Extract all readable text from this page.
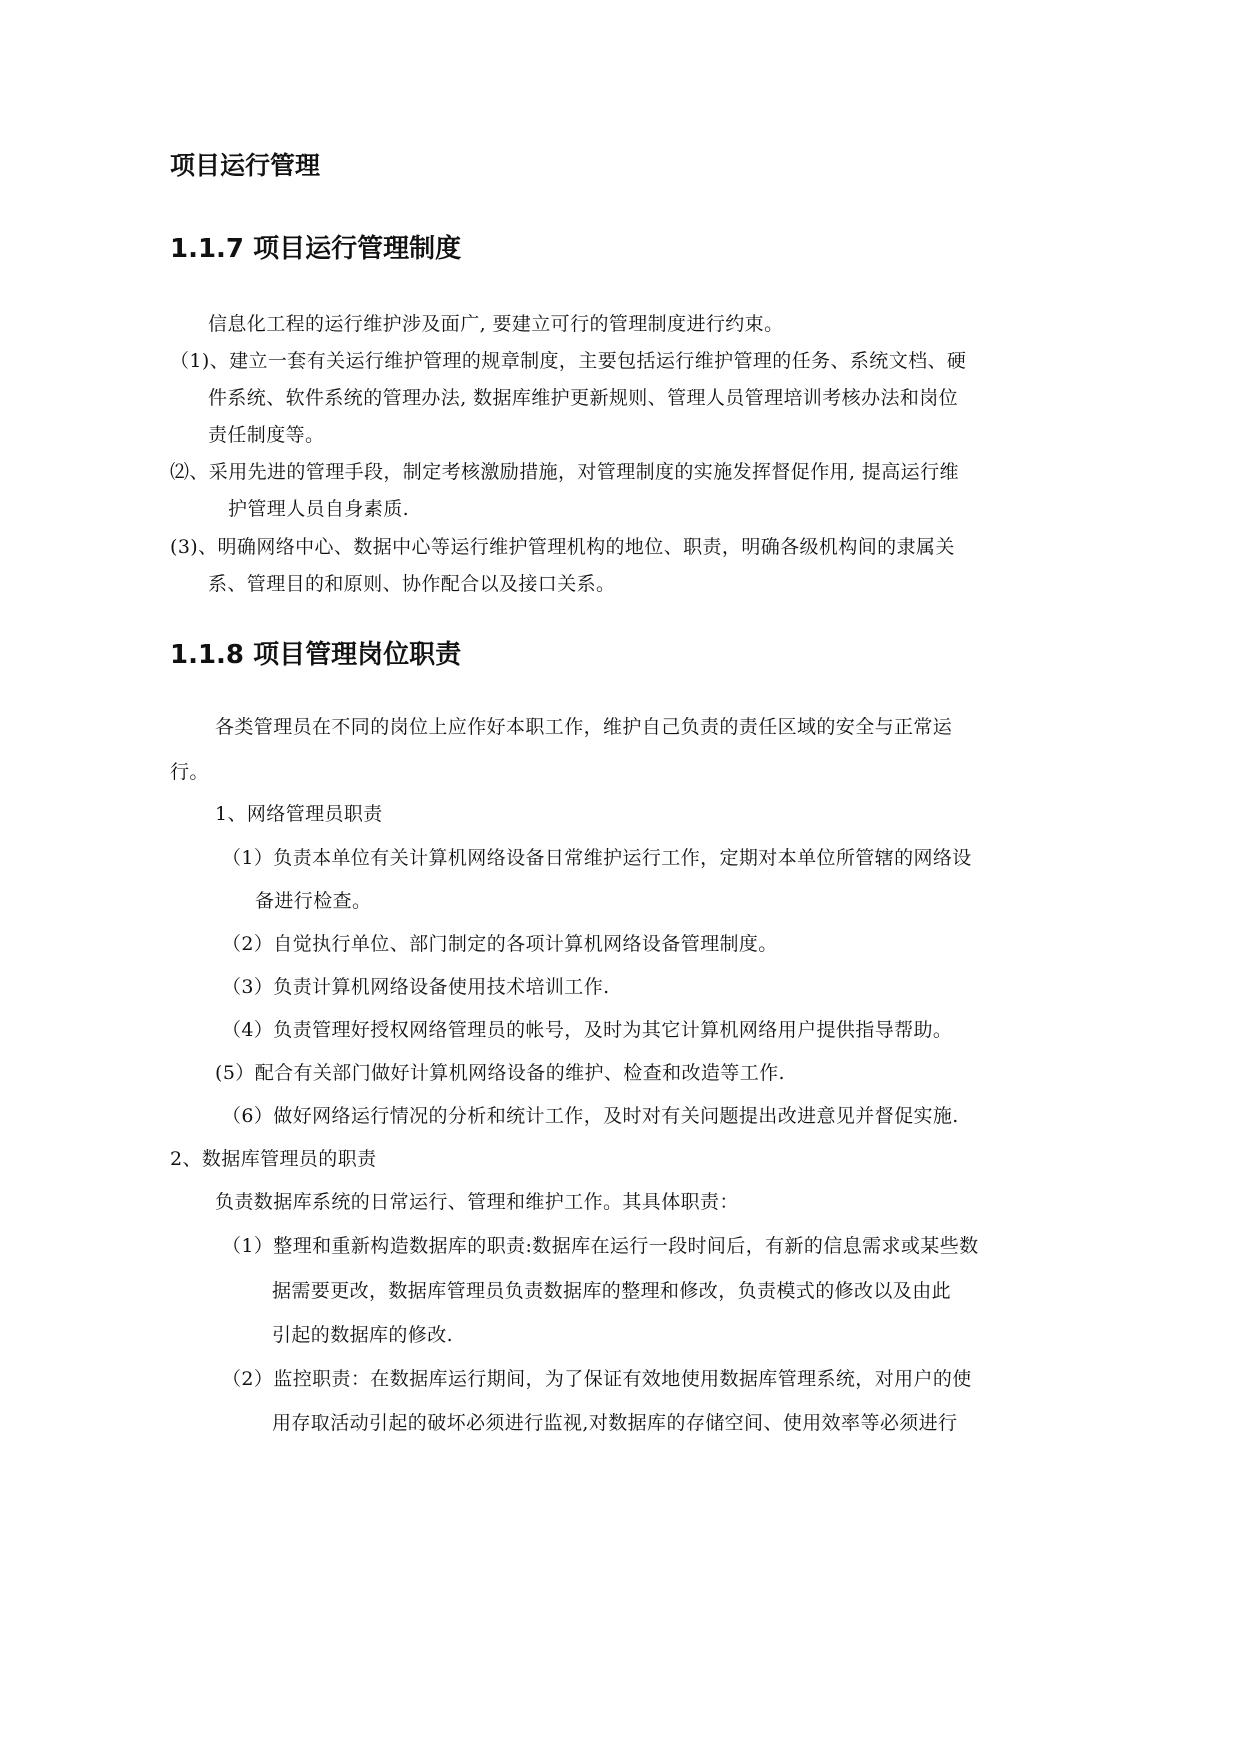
项目运行管理
1.1.7 项目运行管理制度

信息化工程的运行维护涉及面广, 要建立可行的管理制度进行约束。

（1)、建立一套有关运行维护管理的规章制度，主要包括运行维护管理的任务、系统文档、硬

件系统、软件系统的管理办法, 数据库维护更新规则、管理人员管理培训考核办法和岗位

责任制度等。

⑵、采用先进的管理手段，制定考核激励措施，对管理制度的实施发挥督促作用, 提高运行维

护管理人员自身素质.

(3)、明确网络中心、数据中心等运行维护管理机构的地位、职责，明确各级机构间的隶属关

系、管理目的和原则、协作配合以及接口关系。

1.1.8 项目管理岗位职责

各类管理员在不同的岗位上应作好本职工作，维护自己负责的责任区域的安全与正常运

行。

1、网络管理员职责

（1）负责本单位有关计算机网络设备日常维护运行工作，定期对本单位所管辖的网络设

备进行检查。

（2）自觉执行单位、部门制定的各项计算机网络设备管理制度。

（3）负责计算机网络设备使用技术培训工作.

（4）负责管理好授权网络管理员的帐号，及时为其它计算机网络用户提供指导帮助。

(5）配合有关部门做好计算机网络设备的维护、检查和改造等工作.

（6）做好网络运行情况的分析和统计工作，及时对有关问题提出改进意见并督促实施.

2、数据库管理员的职责

负责数据库系统的日常运行、管理和维护工作。其具体职责：

（1）整理和重新构造数据库的职责:数据库在运行一段时间后，有新的信息需求或某些数

据需要更改，数据库管理员负责数据库的整理和修改，负责模式的修改以及由此

引起的数据库的修改.

（2）监控职责：在数据库运行期间，为了保证有效地使用数据库管理系统，对用户的使

用存取活动引起的破坏必须进行监视,对数据库的存储空间、使用效率等必须进行
